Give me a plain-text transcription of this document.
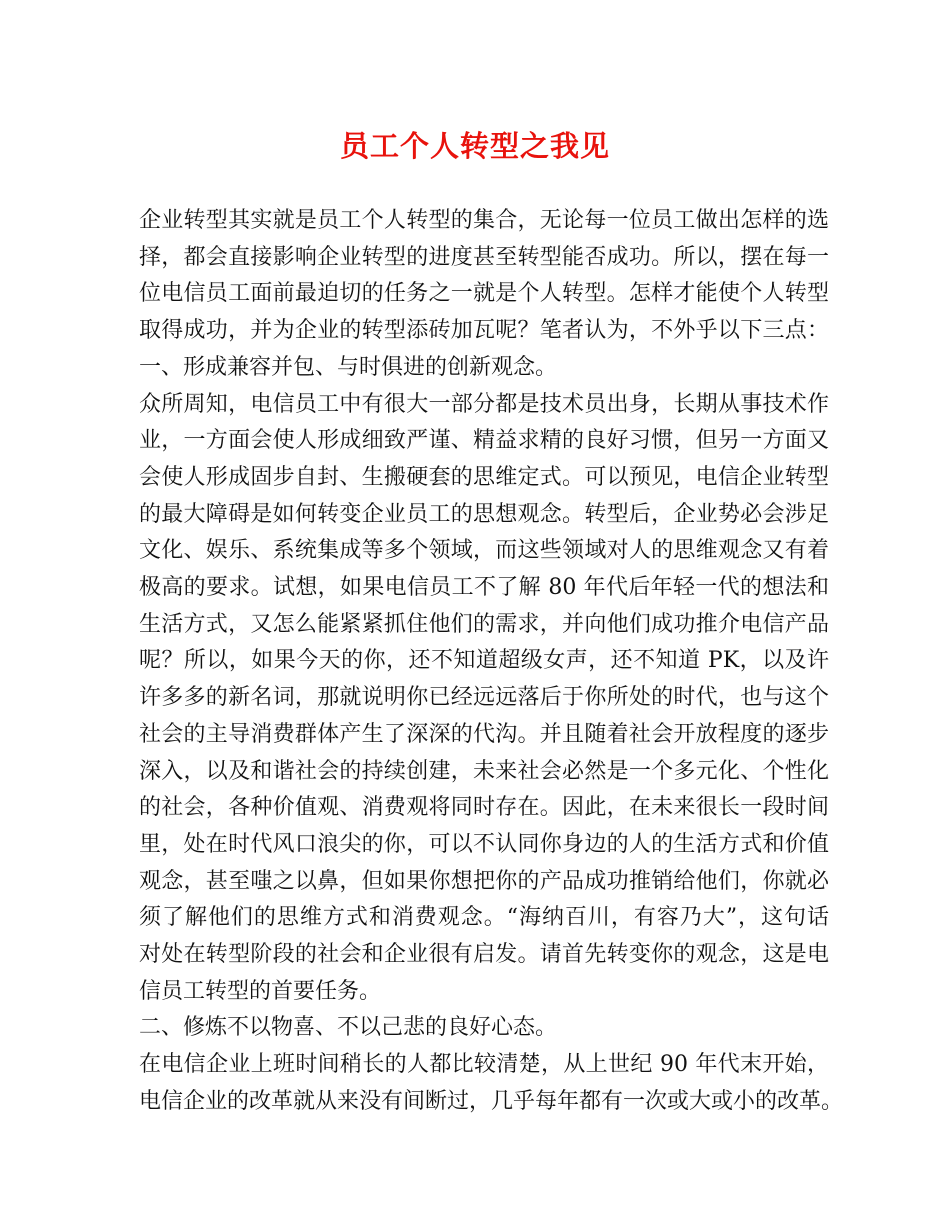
员工个人转型之我见
企业转型其实就是员工个人转型的集合，无论每一位员工做出怎样的选
择，都会直接影响企业转型的进度甚至转型能否成功。所以，摆在每一
位电信员工面前最迫切的任务之一就是个人转型。怎样才能使个人转型
取得成功，并为企业的转型添砖加瓦呢？笔者认为，不外乎以下三点：
一、形成兼容并包、与时俱进的创新观念。
众所周知，电信员工中有很大一部分都是技术员出身，长期从事技术作
业，一方面会使人形成细致严谨、精益求精的良好习惯，但另一方面又
会使人形成固步自封、生搬硬套的思维定式。可以预见，电信企业转型
的最大障碍是如何转变企业员工的思想观念。转型后，企业势必会涉足
文化、娱乐、系统集成等多个领域，而这些领域对人的思维观念又有着
极高的要求。试想，如果电信员工不了解 80 年代后年轻一代的想法和
生活方式，又怎么能紧紧抓住他们的需求，并向他们成功推介电信产品
呢？所以，如果今天的你，还不知道超级女声，还不知道 PK，以及许
许多多的新名词，那就说明你已经远远落后于你所处的时代，也与这个
社会的主导消费群体产生了深深的代沟。并且随着社会开放程度的逐步
深入，以及和谐社会的持续创建，未来社会必然是一个多元化、个性化
的社会，各种价值观、消费观将同时存在。因此，在未来很长一段时间
里，处在时代风口浪尖的你，可以不认同你身边的人的生活方式和价值
观念，甚至嗤之以鼻，但如果你想把你的产品成功推销给他们，你就必
须了解他们的思维方式和消费观念。“海纳百川，有容乃大”，这句话
对处在转型阶段的社会和企业很有启发。请首先转变你的观念，这是电
信员工转型的首要任务。
二、修炼不以物喜、不以己悲的良好心态。
在电信企业上班时间稍长的人都比较清楚，从上世纪 90 年代末开始，
电信企业的改革就从来没有间断过，几乎每年都有一次或大或小的改革。
